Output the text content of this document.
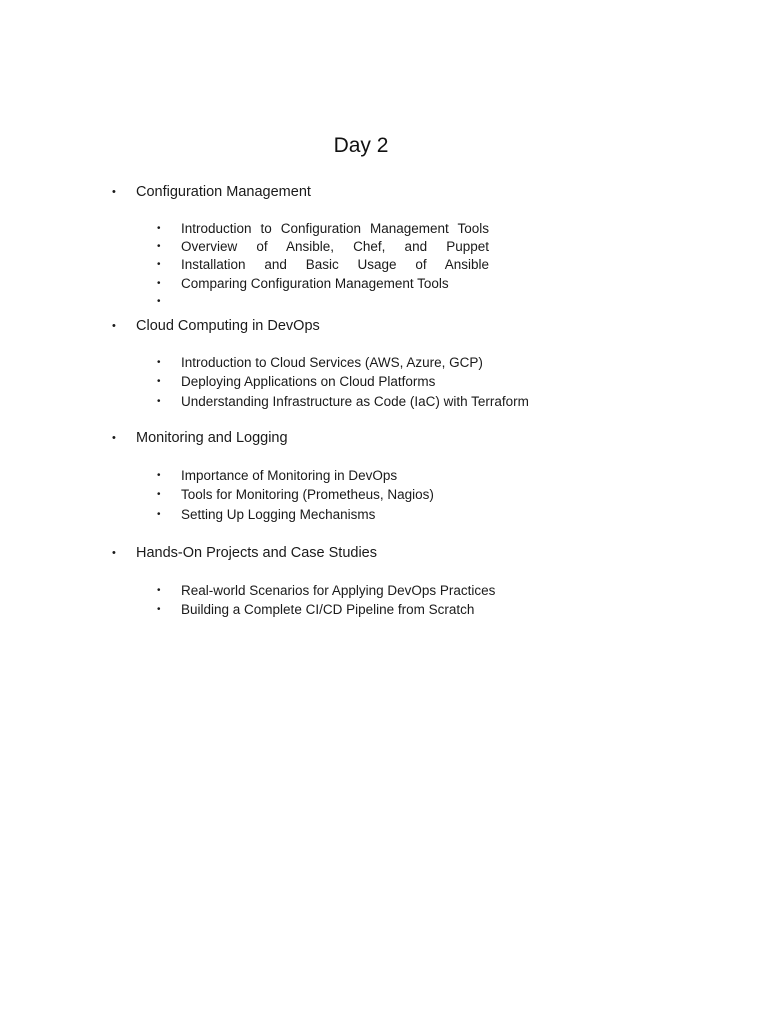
Day 2
• Configuration Management
• Introduction to Configuration Management Tools
• Overview of Ansible, Chef, and Puppet
• Installation and Basic Usage of Ansible
• Comparing Configuration Management Tools
•
• Cloud Computing in DevOps
• Introduction to Cloud Services (AWS, Azure, GCP)
• Deploying Applications on Cloud Platforms
• Understanding Infrastructure as Code (IaC) with Terraform
• Monitoring and Logging
• Importance of Monitoring in DevOps
• Tools for Monitoring (Prometheus, Nagios)
• Setting Up Logging Mechanisms
• Hands-On Projects and Case Studies
• Real-world Scenarios for Applying DevOps Practices
• Building a Complete CI/CD Pipeline from Scratch
